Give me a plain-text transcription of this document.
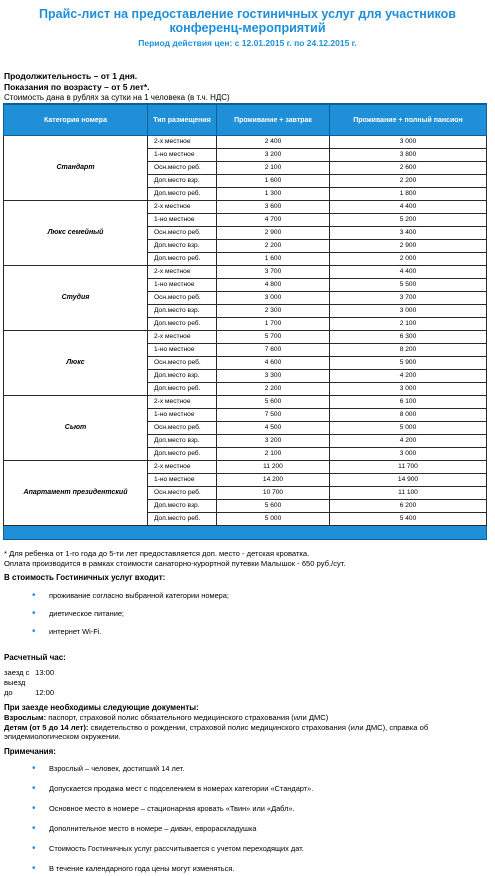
Прайс-лист на предоставление гостиничных услуг для участников конференц-мероприятий
Период действия цен: с 12.01.2015 г. по 24.12.2015 г.
Продолжительность – от 1 дня.
Показания по возрасту – от 5 лет*.
Стоимость дана в рублях за сутки на 1 человека (в т.ч. НДС)
Категория номера	Тип размещения	Проживание + завтрак	Проживание + полный пансион
Стандарт	2-х местное	2 400	3 000
	1-но местное	3 200	3 800
	Осн.место реб.	2 100	2 600
	Доп.место взр.	1 600	2 200
	Доп.место реб.	1 300	1 800
Люкс семейный	2-х местное	3 600	4 400
	1-но местное	4 700	5 200
	Осн.место реб.	2 900	3 400
	Доп.место взр.	2 200	2 900
	Доп.место реб.	1 600	2 000
Студия	2-х местное	3 700	4 400
	1-но местное	4 800	5 500
	Осн.место реб.	3 000	3 700
	Доп.место взр.	2 300	3 000
	Доп.место реб.	1 700	2 100
Люкс	2-х местное	5 700	6 300
	1-но местное	7 600	8 200
	Осн.место реб.	4 600	5 900
	Доп.место взр.	3 300	4 200
	Доп.место реб.	2 200	3 000
Сьют	2-х местное	5 600	6 100
	1-но местное	7 500	8 000
	Осн.место реб.	4 500	5 000
	Доп.место взр.	3 200	4 200
	Доп.место реб.	2 100	3 000
Апартамент президентский	2-х местное	11 200	11 700
	1-но местное	14 200	14 900
	Осн.место реб.	10 700	11 100
	Доп.место взр.	5 600	6 200
	Доп.место реб.	5 000	5 400

* Для ребенка от 1-го года до 5-ти лет предоставляется доп. место - детская кроватка.
Оплата производится в рамках стоимости санаторно-курортной путевки Малышок - 650 руб./сут.
В стоимость Гостиничных услуг входит:
• проживание согласно выбранной категории номера;
• диетическое питание;
• интернет Wi-Fi.
Расчетный час:
заезд с 13:00
выезд до	12:00
При заезде необходимы следующие документы:
Взрослым: паспорт, страховой полис обязательного медицинского страхования (или ДМС)
Детям (от 5 до 14 лет): свидетельство о рождении, страховой полис медицинского страхования (или ДМС), справка об эпидемиологическом окружении.
Примечания:
• Взрослый – человек, достигший 14 лет.
• Допускается продажа мест с подселением в номерах категории «Стандарт».
• Основное место в номере – стационарная кровать «Твин» или «Дабл».
• Дополнительное место в номере – диван, еврораскладушка
• Стоимость Гостиничных услуг рассчитывается с учетом переходящих дат.
• В течение календарного года цены могут изменяться.
